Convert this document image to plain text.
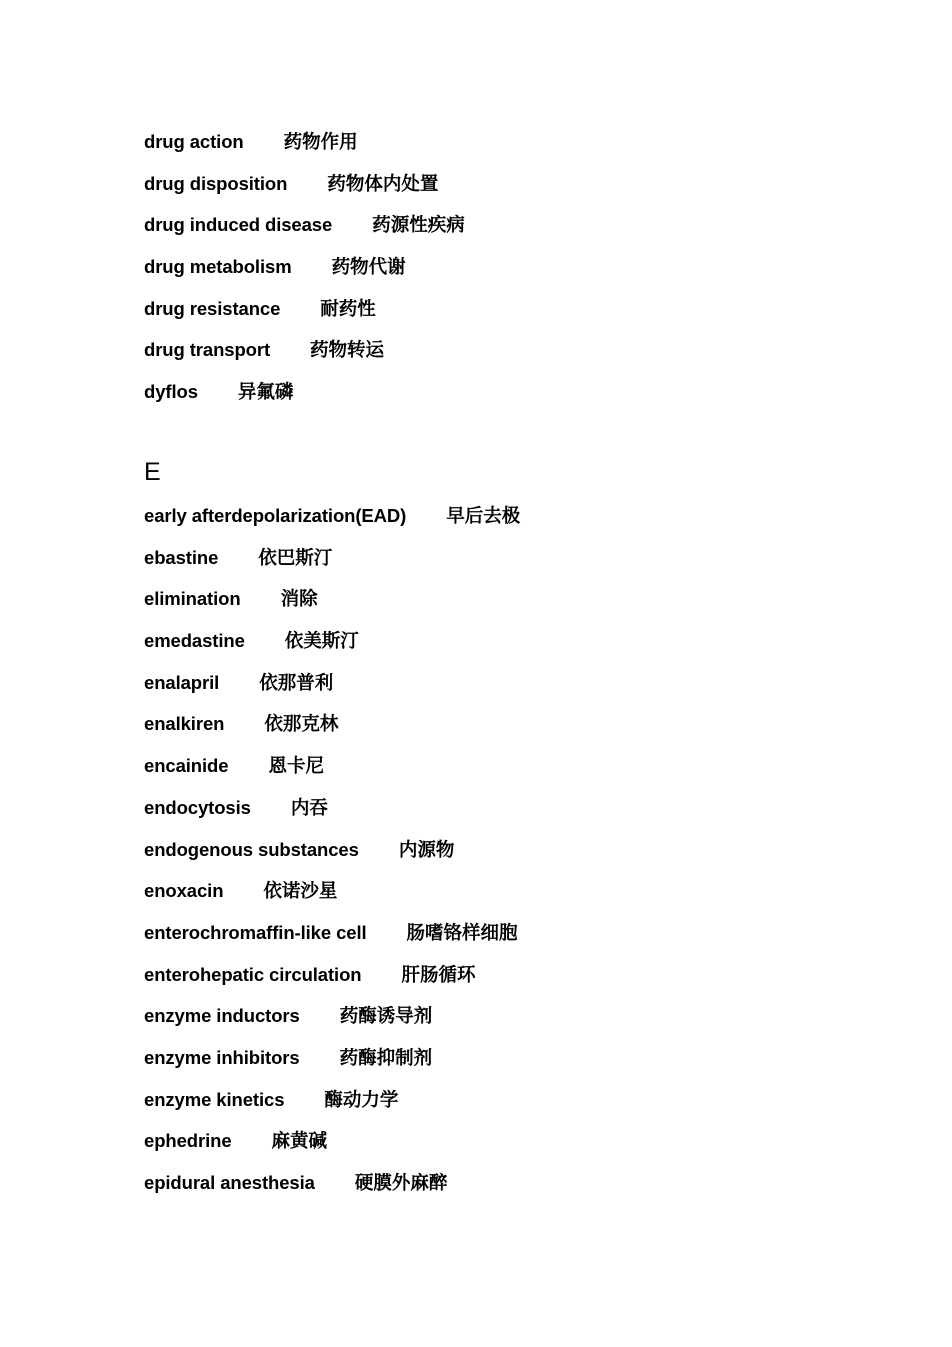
drug action 药物作用
drug disposition 药物体内处置
drug induced disease 药源性疾病
drug metabolism 药物代谢
drug resistance 耐药性
drug transport 药物转运
dyflos 异氟磷
E
early afterdepolarization(EAD) 早后去极
ebastine 依巴斯汀
elimination 消除
emedastine 依美斯汀
enalapril 依那普利
enalkiren 依那克林
encainide 恩卡尼
endocytosis 内吞
endogenous substances 内源物
enoxacin 依诺沙星
enterochromaffin-like cell 肠嗜铬样细胞
enterohepatic circulation 肝肠循环
enzyme inductors 药酶诱导剂
enzyme inhibitors 药酶抑制剂
enzyme kinetics 酶动力学
ephedrine 麻黄碱
epidural anesthesia 硬膜外麻醉
